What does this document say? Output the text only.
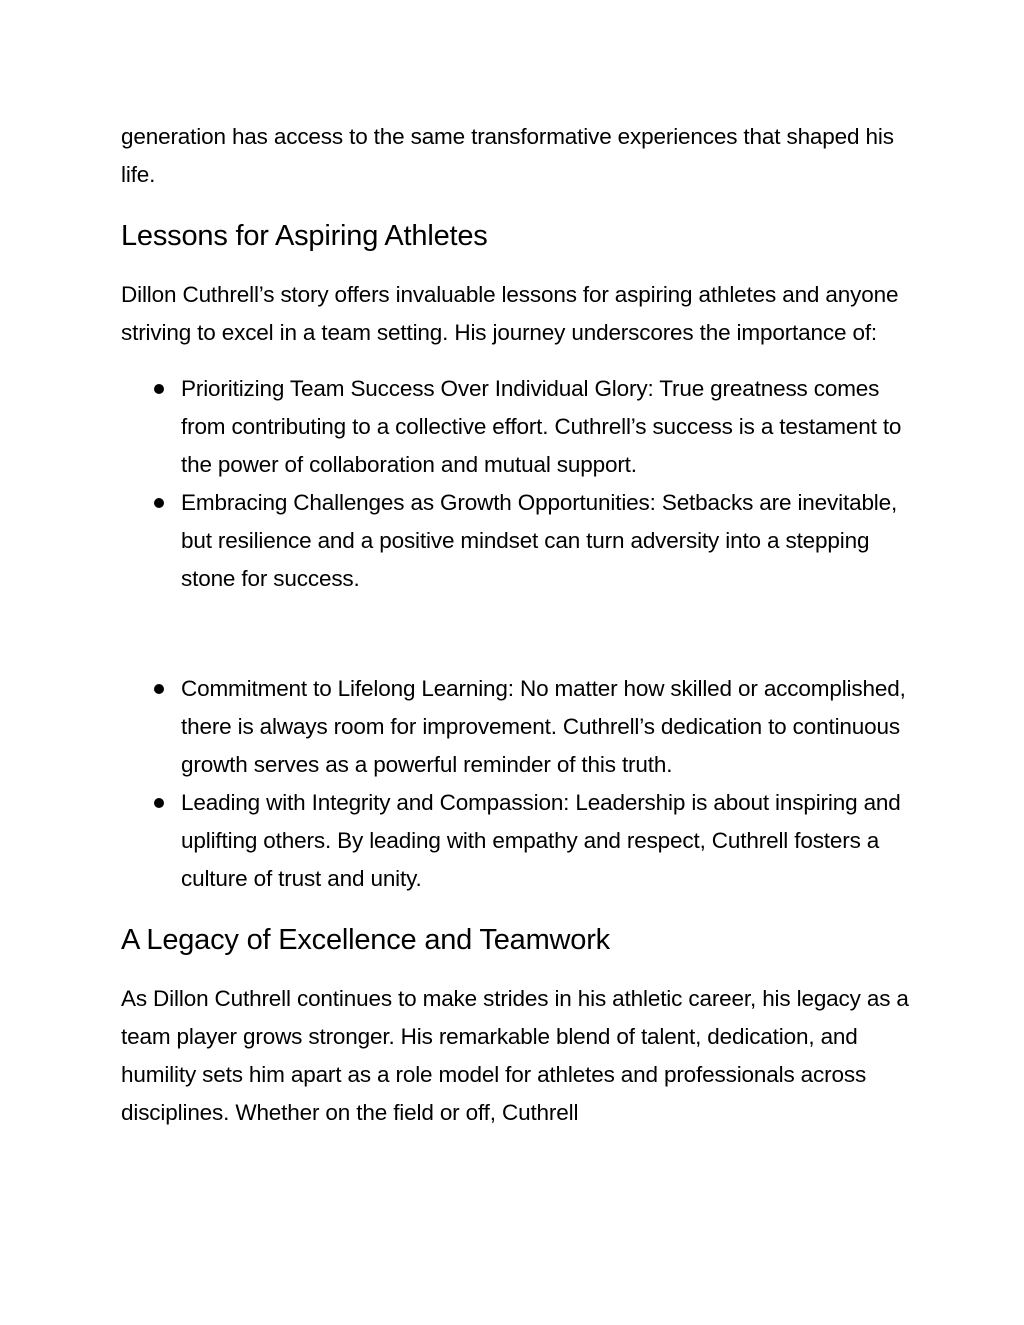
generation has access to the same transformative experiences that shaped his life.

Lessons for Aspiring Athletes

Dillon Cuthrell’s story offers invaluable lessons for aspiring athletes and anyone striving to excel in a team setting. His journey underscores the importance of:

Prioritizing Team Success Over Individual Glory: True greatness comes from contributing to a collective effort. Cuthrell’s success is a testament to the power of collaboration and mutual support.
Embracing Challenges as Growth Opportunities: Setbacks are inevitable, but resilience and a positive mindset can turn adversity into a stepping stone for success.
Commitment to Lifelong Learning: No matter how skilled or accomplished, there is always room for improvement. Cuthrell’s dedication to continuous growth serves as a powerful reminder of this truth.
Leading with Integrity and Compassion: Leadership is about inspiring and uplifting others. By leading with empathy and respect, Cuthrell fosters a culture of trust and unity.
A Legacy of Excellence and Teamwork

As Dillon Cuthrell continues to make strides in his athletic career, his legacy as a team player grows stronger. His remarkable blend of talent, dedication, and humility sets him apart as a role model for athletes and professionals across disciplines. Whether on the field or off, Cuthrell
